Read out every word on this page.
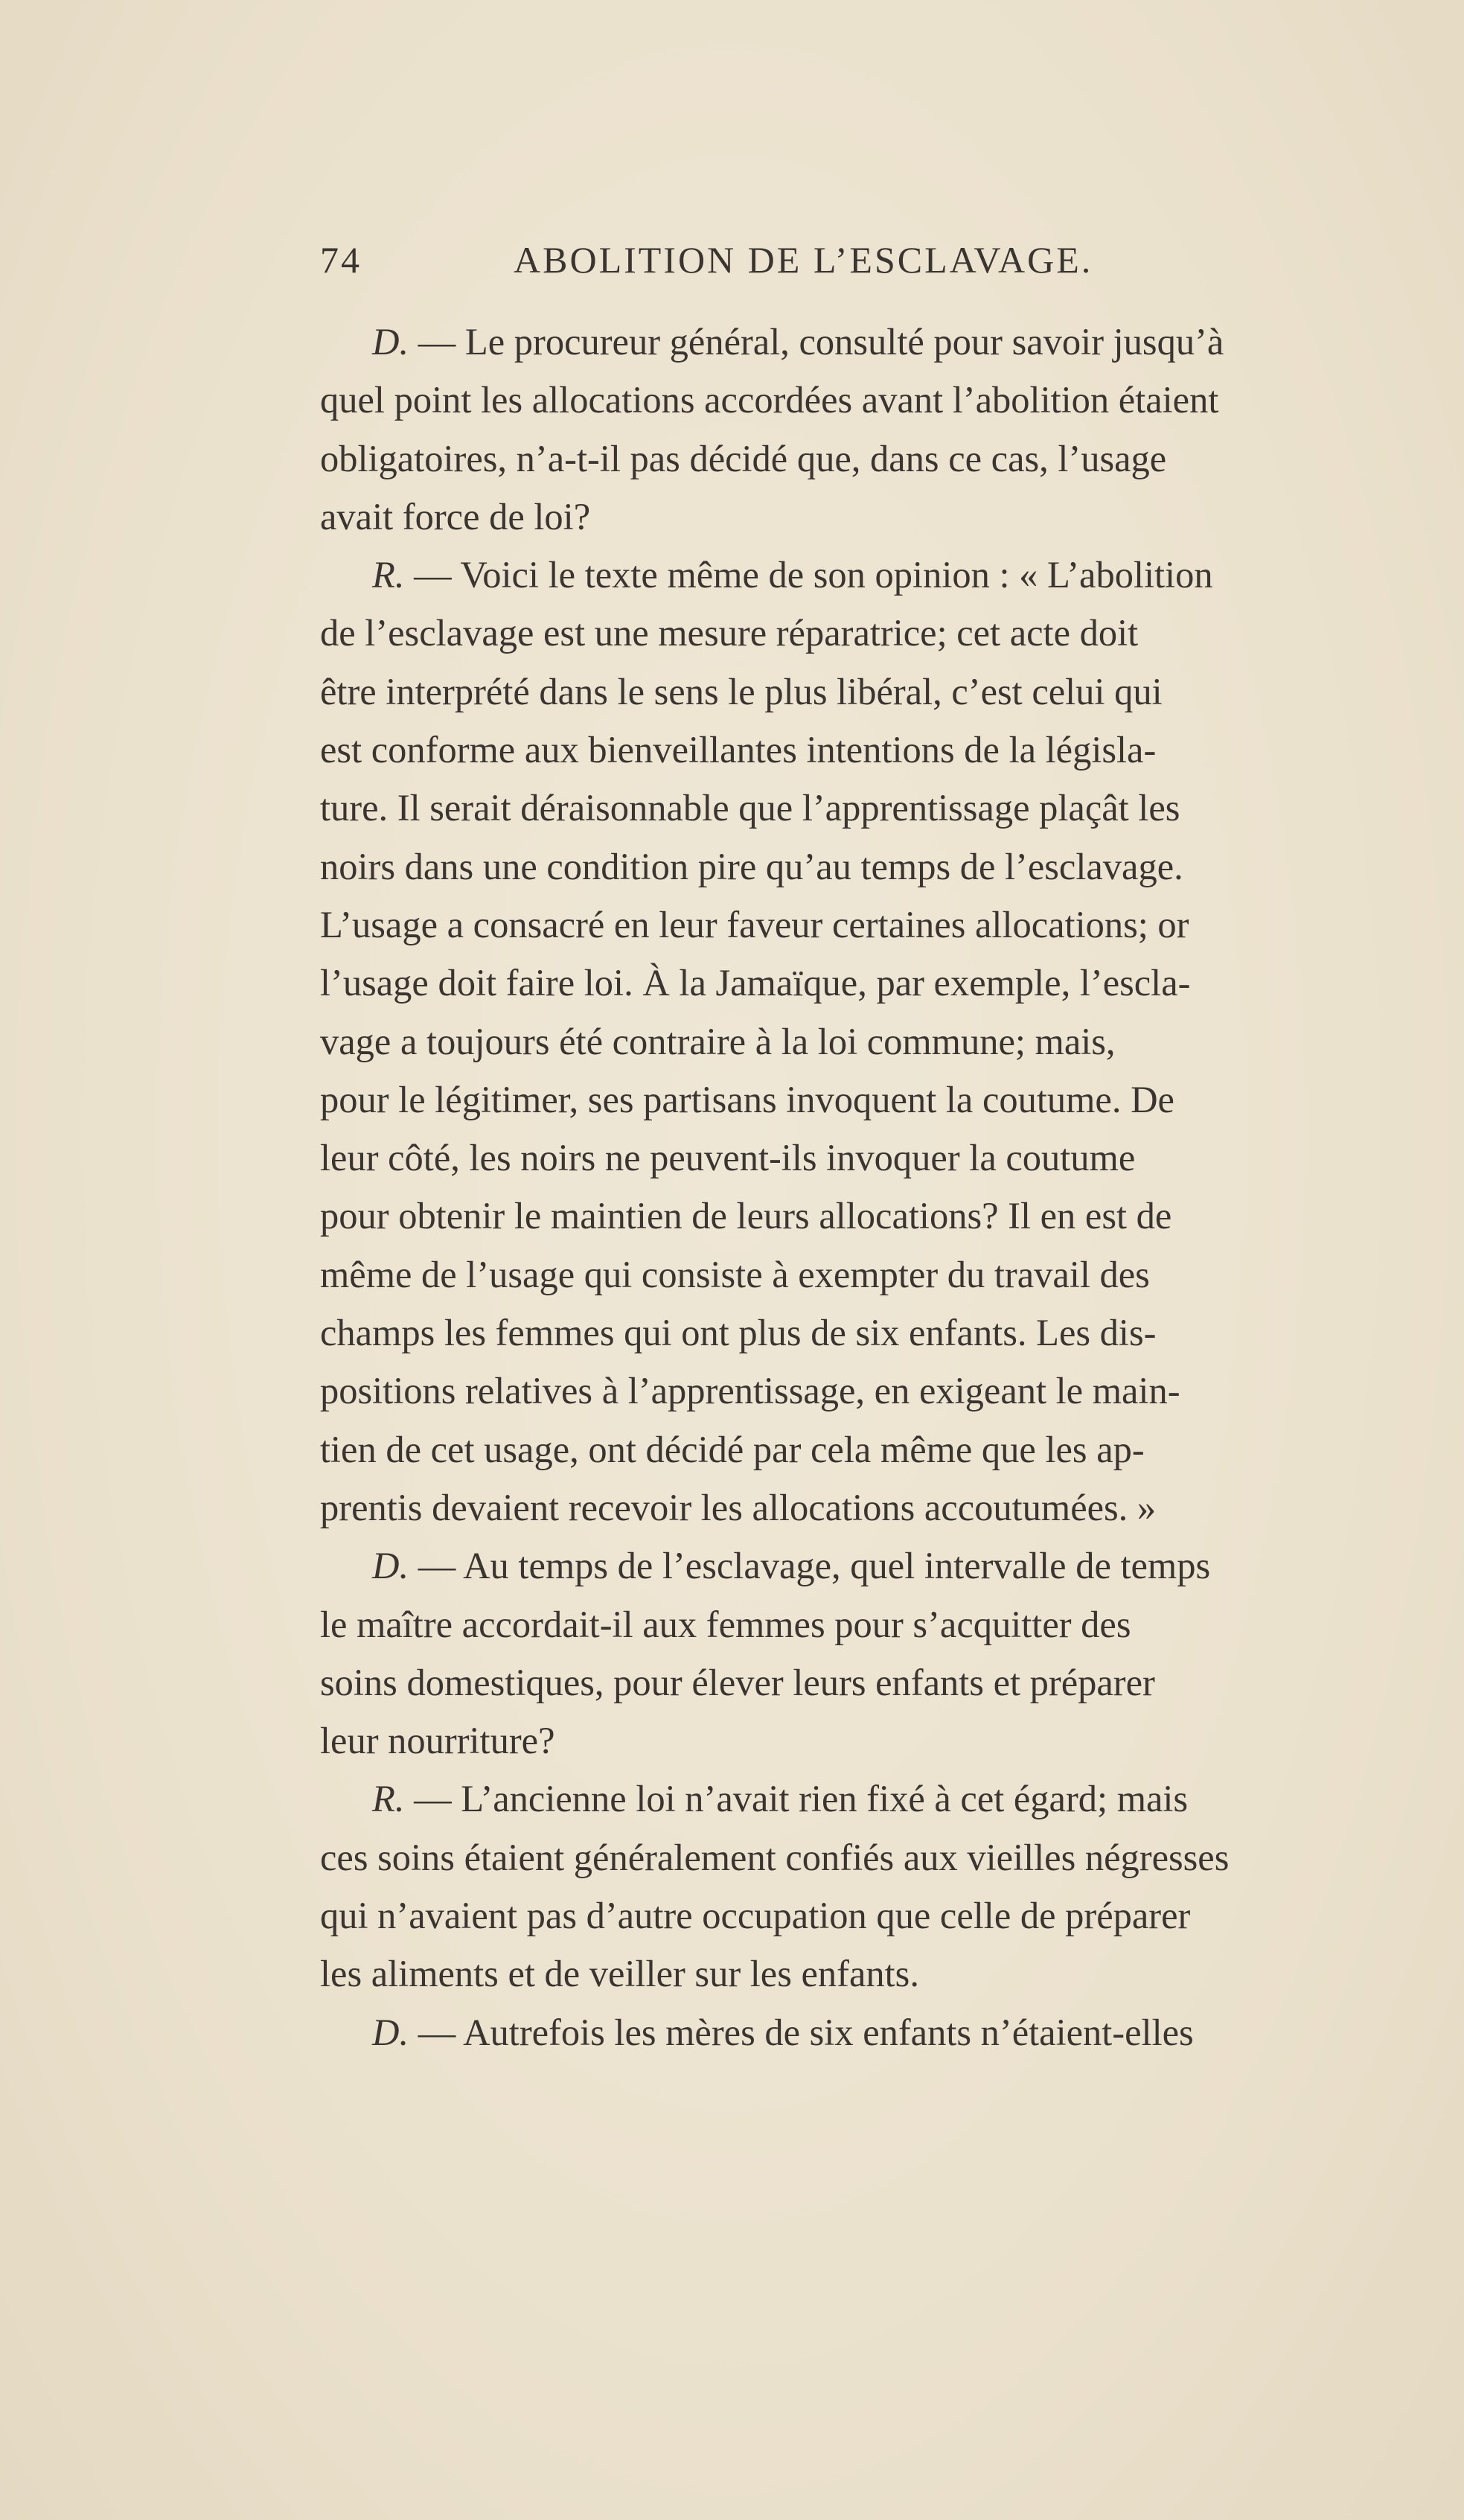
74	ABOLITION DE L’ESCLAVAGE.
D. — Le procureur général, consulté pour savoir jusqu’à
quel point les allocations accordées avant l’abolition étaient
obligatoires, n’a-t-il pas décidé que, dans ce cas, l’usage
avait force de loi?
R. — Voici le texte même de son opinion : « L’abolition
de l’esclavage est une mesure réparatrice; cet acte doit
être interprété dans le sens le plus libéral, c’est celui qui
est conforme aux bienveillantes intentions de la législa-
ture. Il serait déraisonnable que l’apprentissage plaçât les
noirs dans une condition pire qu’au temps de l’esclavage.
L’usage a consacré en leur faveur certaines allocations; or
l’usage doit faire loi. À la Jamaïque, par exemple, l’escla-
vage a toujours été contraire à la loi commune; mais,
pour le légitimer, ses partisans invoquent la coutume. De
leur côté, les noirs ne peuvent-ils invoquer la coutume
pour obtenir le maintien de leurs allocations? Il en est de
même de l’usage qui consiste à exempter du travail des
champs les femmes qui ont plus de six enfants. Les dis-
positions relatives à l’apprentissage, en exigeant le main-
tien de cet usage, ont décidé par cela même que les ap-
prentis devaient recevoir les allocations accoutumées. »
D. — Au temps de l’esclavage, quel intervalle de temps
le maître accordait-il aux femmes pour s’acquitter des
soins domestiques, pour élever leurs enfants et préparer
leur nourriture?
R. — L’ancienne loi n’avait rien fixé à cet égard; mais
ces soins étaient généralement confiés aux vieilles négresses
qui n’avaient pas d’autre occupation que celle de préparer
les aliments et de veiller sur les enfants.
D. — Autrefois les mères de six enfants n’étaient-elles
